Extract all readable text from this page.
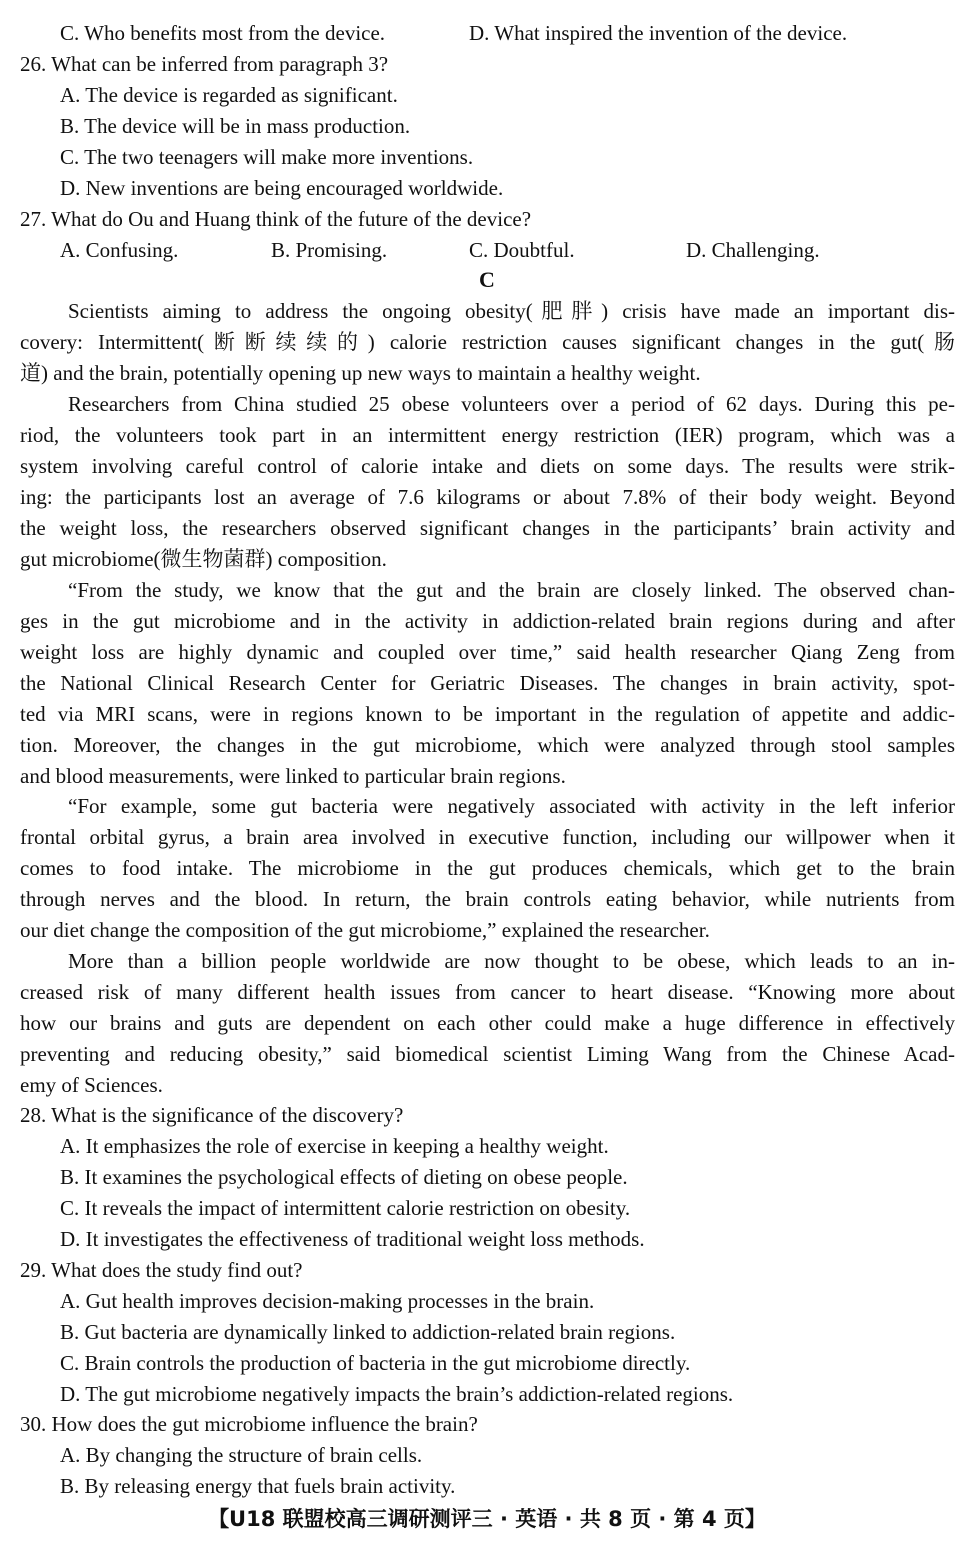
C. Who benefits most from the device.	D. What inspired the invention of the device.
26. What can be inferred from paragraph 3?
A. The device is regarded as significant.
B. The device will be in mass production.
C. The two teenagers will make more inventions.
D. New inventions are being encouraged worldwide.
27. What do Ou and Huang think of the future of the device?
A. Confusing.	B. Promising.	C. Doubtful.	D. Challenging.
C
Scientists aiming to address the ongoing obesity(肥胖) crisis have made an important dis-
covery: Intermittent(断断续续的) calorie restriction causes significant changes in the gut(肠
道) and the brain, potentially opening up new ways to maintain a healthy weight.
Researchers from China studied 25 obese volunteers over a period of 62 days. During this pe-
riod, the volunteers took part in an intermittent energy restriction (IER) program, which was a
system involving careful control of calorie intake and diets on some days. The results were strik-
ing: the participants lost an average of 7.6 kilograms or about 7.8% of their body weight. Beyond
the weight loss, the researchers observed significant changes in the participants’ brain activity and
gut microbiome(微生物菌群) composition.
“From the study, we know that the gut and the brain are closely linked. The observed chan-
ges in the gut microbiome and in the activity in addiction-related brain regions during and after
weight loss are highly dynamic and coupled over time,” said health researcher Qiang Zeng from
the National Clinical Research Center for Geriatric Diseases. The changes in brain activity, spot-
ted via MRI scans, were in regions known to be important in the regulation of appetite and addic-
tion. Moreover, the changes in the gut microbiome, which were analyzed through stool samples
and blood measurements, were linked to particular brain regions.
“For example, some gut bacteria were negatively associated with activity in the left inferior
frontal orbital gyrus, a brain area involved in executive function, including our willpower when it
comes to food intake. The microbiome in the gut produces chemicals, which get to the brain
through nerves and the blood. In return, the brain controls eating behavior, while nutrients from
our diet change the composition of the gut microbiome,” explained the researcher.
More than a billion people worldwide are now thought to be obese, which leads to an in-
creased risk of many different health issues from cancer to heart disease. “Knowing more about
how our brains and guts are dependent on each other could make a huge difference in effectively
preventing and reducing obesity,” said biomedical scientist Liming Wang from the Chinese Acad-
emy of Sciences.
28. What is the significance of the discovery?
A. It emphasizes the role of exercise in keeping a healthy weight.
B. It examines the psychological effects of dieting on obese people.
C. It reveals the impact of intermittent calorie restriction on obesity.
D. It investigates the effectiveness of traditional weight loss methods.
29. What does the study find out?
A. Gut health improves decision-making processes in the brain.
B. Gut bacteria are dynamically linked to addiction-related brain regions.
C. Brain controls the production of bacteria in the gut microbiome directly.
D. The gut microbiome negatively impacts the brain’s addiction-related regions.
30. How does the gut microbiome influence the brain?
A. By changing the structure of brain cells.
B. By releasing energy that fuels brain activity.
【U18 联盟校高三调研测评三 · 英语 · 共 8 页 · 第 4 页】
